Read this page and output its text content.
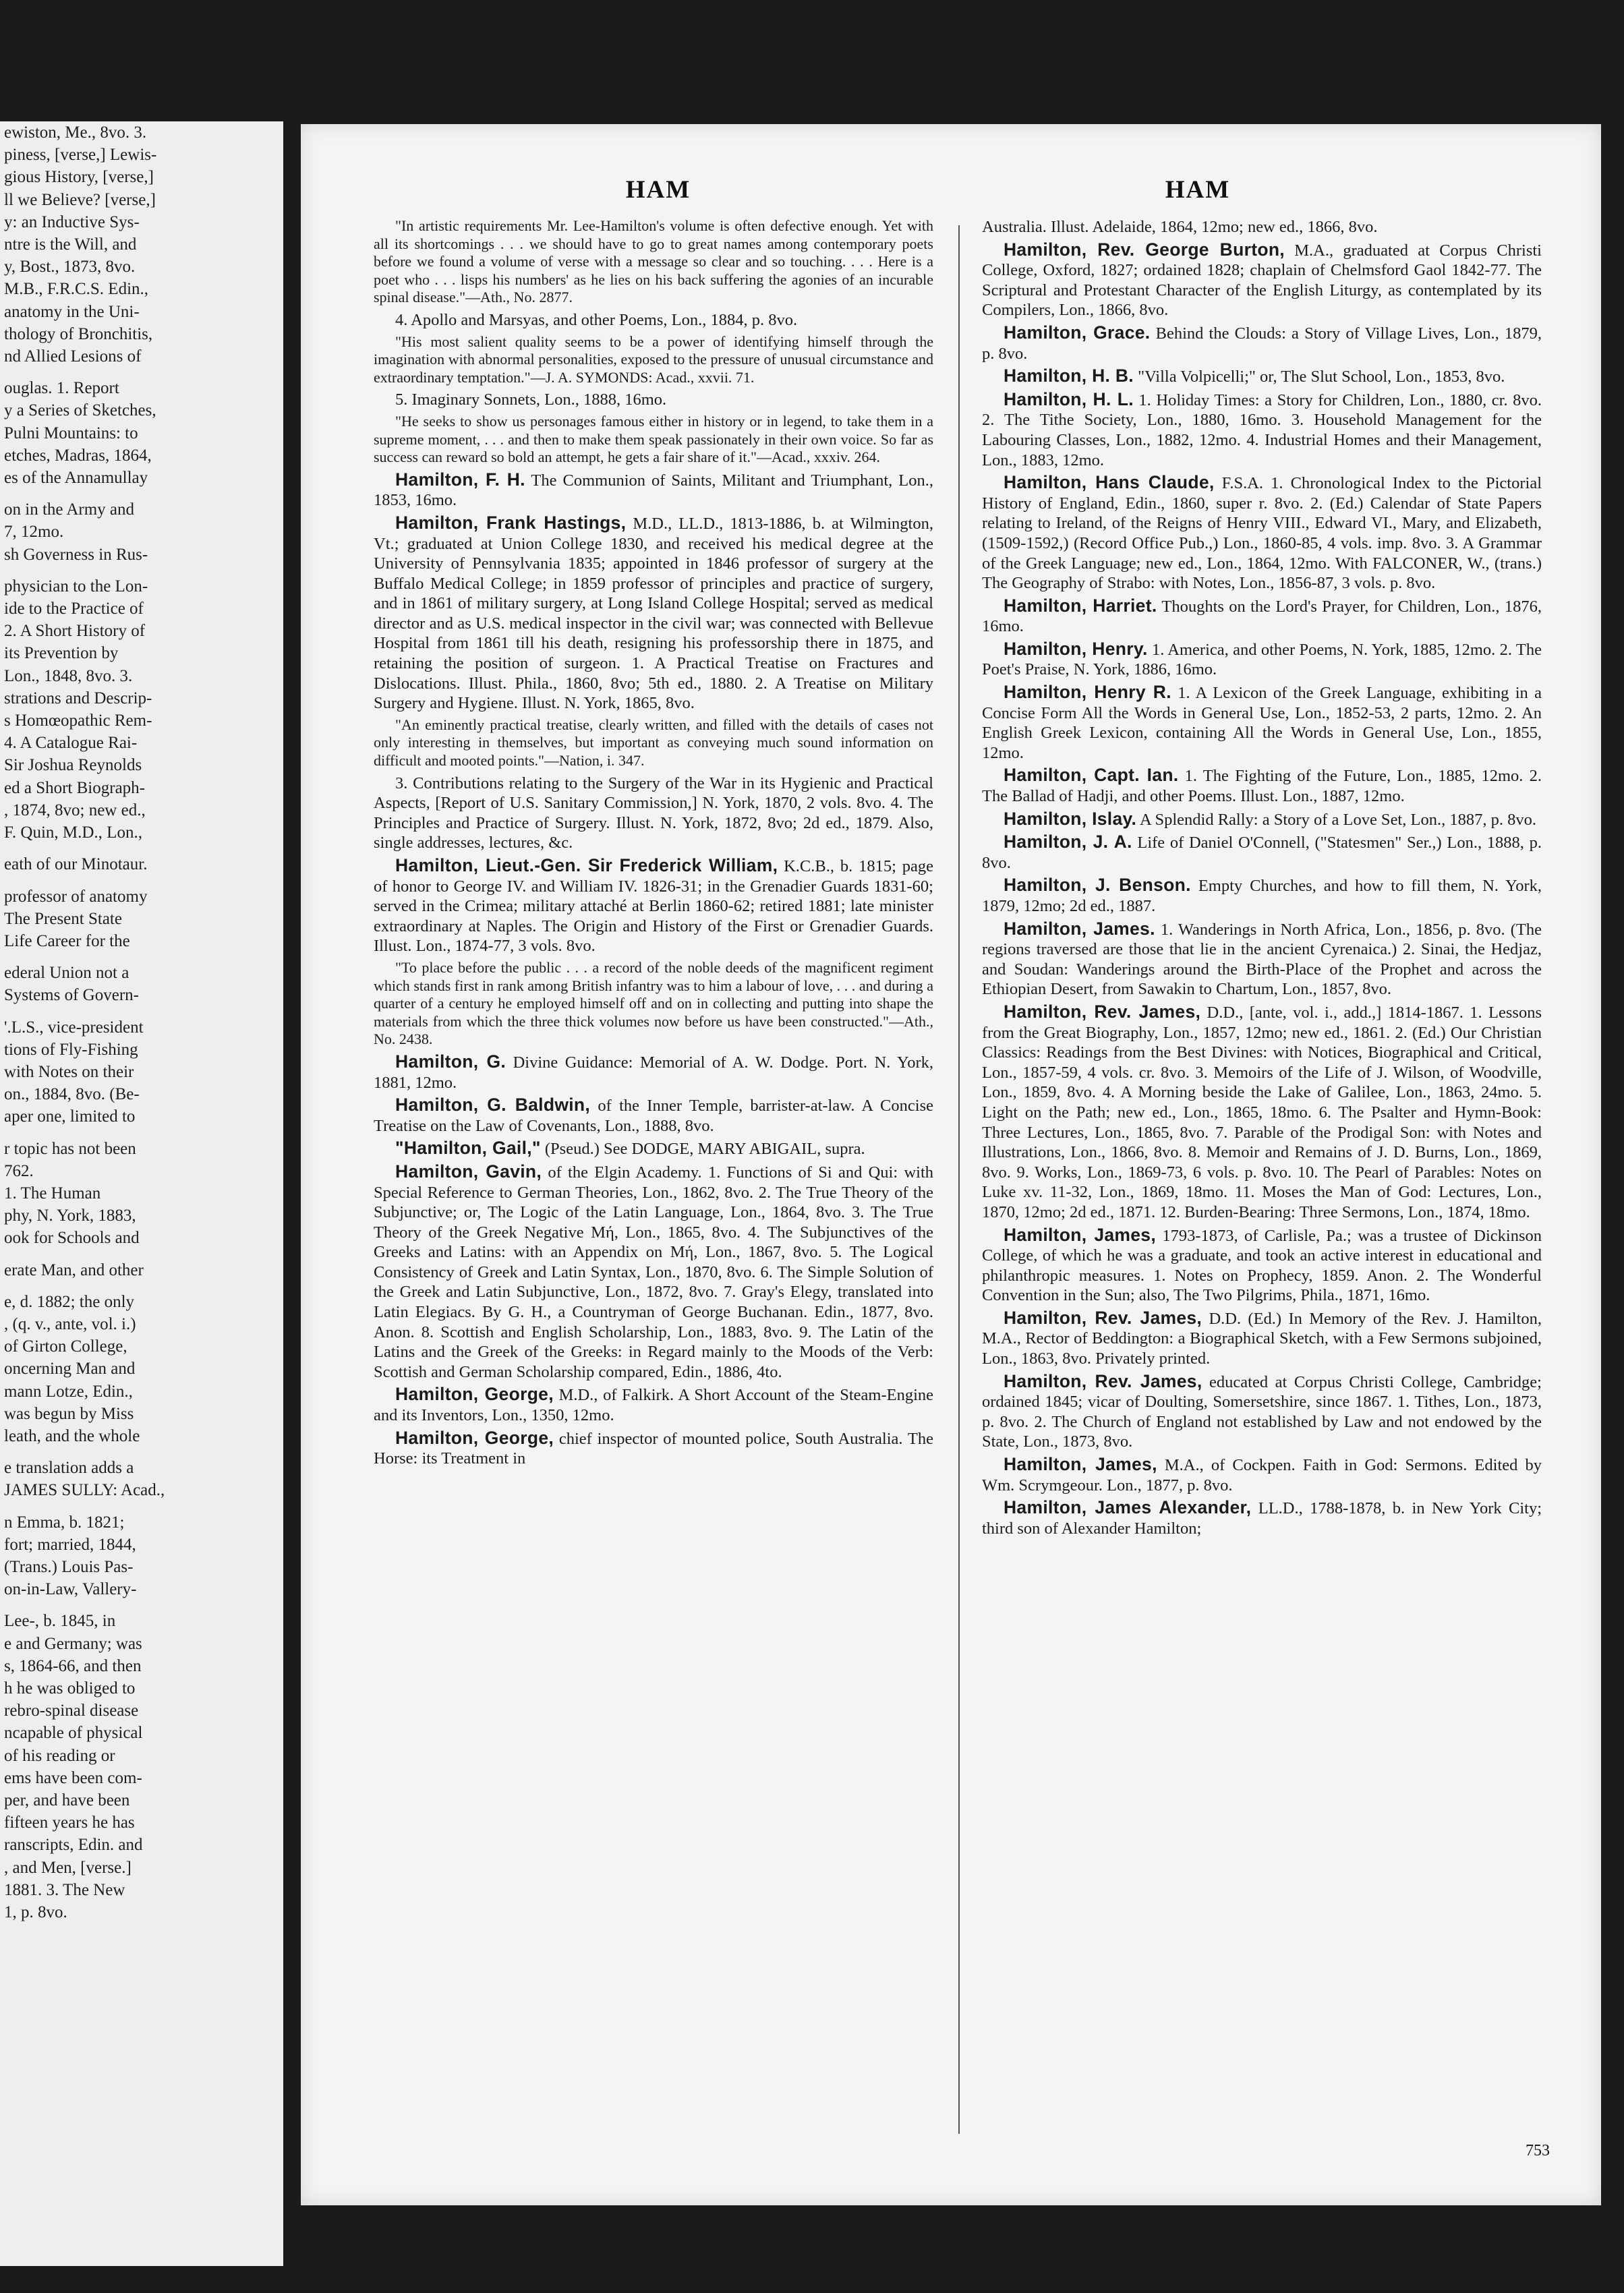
ewiston, Me., 8vo. 3.
piness, [verse,] Lewis-
gious History, [verse,]
ll we Believe? [verse,]
y: an Inductive Sys-
ntre is the Will, and
y, Bost., 1873, 8vo.
M.B., F.R.C.S. Edin.,
anatomy in the Uni-
thology of Bronchitis,
nd Allied Lesions of
ouglas. 1. Report
y a Series of Sketches,
Pulni Mountains: to
etches, Madras, 1864,
es of the Annamullay
on in the Army and
7, 12mo.
sh Governess in Rus-
physician to the Lon-
ide to the Practice of
2. A Short History of
its Prevention by
Lon., 1848, 8vo. 3.
strations and Descrip-
s Homœopathic Rem-
4. A Catalogue Rai-
Sir Joshua Reynolds
ed a Short Biograph-
, 1874, 8vo; new ed.,
F. Quin, M.D., Lon.,
eath of our Minotaur.
professor of anatomy
The Present State
Life Career for the
ederal Union not a
Systems of Govern-
'.L.S., vice-president
tions of Fly-Fishing
with Notes on their
on., 1884, 8vo. (Be-
aper one, limited to
r topic has not been
762.
1. The Human
phy, N. York, 1883,
ook for Schools and
erate Man, and other
e, d. 1882; the only
, (q. v., ante, vol. i.)
of Girton College,
oncerning Man and
mann Lotze, Edin.,
was begun by Miss
leath, and the whole
e translation adds a
JAMES SULLY: Acad.,
n Emma, b. 1821;
fort; married, 1844,
(Trans.) Louis Pas-
on-in-Law, Vallery-
Lee-, b. 1845, in
e and Germany; was
s, 1864-66, and then
h he was obliged to
rebro-spinal disease
ncapable of physical
of his reading or
ems have been com-
per, and have been
fifteen years he has
ranscripts, Edin. and
, and Men, [verse.]
1881. 3. The New
1, p. 8vo.
HAM	HAM

"In artistic requirements Mr. Lee-Hamilton's volume is often defective enough. Yet with all its shortcomings . . . we should have to go to great names among contemporary poets before we found a volume of verse with a message so clear and so touching. . . . Here is a poet who . . . lisps his numbers' as he lies on his back suffering the agonies of an incurable spinal disease."—Ath., No. 2877.

4. Apollo and Marsyas, and other Poems, Lon., 1884, p. 8vo.

"His most salient quality seems to be a power of identifying himself through the imagination with abnormal personalities, exposed to the pressure of unusual circumstance and extraordinary temptation."—J. A. SYMONDS: Acad., xxvii. 71.

5. Imaginary Sonnets, Lon., 1888, 16mo.

"He seeks to show us personages famous either in history or in legend, to take them in a supreme moment, . . . and then to make them speak passionately in their own voice. So far as success can reward so bold an attempt, he gets a fair share of it."—Acad., xxxiv. 264.

Hamilton, F. H. The Communion of Saints, Militant and Triumphant, Lon., 1853, 16mo.

Hamilton, Frank Hastings, M.D., LL.D., 1813-1886, b. at Wilmington, Vt.; graduated at Union College 1830, and received his medical degree at the University of Pennsylvania 1835; appointed in 1846 professor of surgery at the Buffalo Medical College; in 1859 professor of principles and practice of surgery, and in 1861 of military surgery, at Long Island College Hospital; served as medical director and as U.S. medical inspector in the civil war; was connected with Bellevue Hospital from 1861 till his death, resigning his professorship there in 1875, and retaining the position of surgeon. 1. A Practical Treatise on Fractures and Dislocations. Illust. Phila., 1860, 8vo; 5th ed., 1880. 2. A Treatise on Military Surgery and Hygiene. Illust. N. York, 1865, 8vo.

"An eminently practical treatise, clearly written, and filled with the details of cases not only interesting in themselves, but important as conveying much sound information on difficult and mooted points."—Nation, i. 347.

3. Contributions relating to the Surgery of the War in its Hygienic and Practical Aspects, [Report of U.S. Sanitary Commission,] N. York, 1870, 2 vols. 8vo. 4. The Principles and Practice of Surgery. Illust. N. York, 1872, 8vo; 2d ed., 1879. Also, single addresses, lectures, &c.

Hamilton, Lieut.-Gen. Sir Frederick William, K.C.B., b. 1815; page of honor to George IV. and William IV. 1826-31; in the Grenadier Guards 1831-60; served in the Crimea; military attaché at Berlin 1860-62; retired 1881; late minister extraordinary at Naples. The Origin and History of the First or Grenadier Guards. Illust. Lon., 1874-77, 3 vols. 8vo.

"To place before the public . . . a record of the noble deeds of the magnificent regiment which stands first in rank among British infantry was to him a labour of love, . . . and during a quarter of a century he employed himself off and on in collecting and putting into shape the materials from which the three thick volumes now before us have been constructed."—Ath., No. 2438.

Hamilton, G. Divine Guidance: Memorial of A. W. Dodge. Port. N. York, 1881, 12mo.

Hamilton, G. Baldwin, of the Inner Temple, barrister-at-law. A Concise Treatise on the Law of Covenants, Lon., 1888, 8vo.

"Hamilton, Gail," (Pseud.) See DODGE, MARY ABIGAIL, supra.

Hamilton, Gavin, of the Elgin Academy. 1. Functions of Si and Qui: with Special Reference to German Theories, Lon., 1862, 8vo. 2. The True Theory of the Subjunctive; or, The Logic of the Latin Language, Lon., 1864, 8vo. 3. The True Theory of the Greek Negative Mή, Lon., 1865, 8vo. 4. The Subjunctives of the Greeks and Latins: with an Appendix on Mή, Lon., 1867, 8vo. 5. The Logical Consistency of Greek and Latin Syntax, Lon., 1870, 8vo. 6. The Simple Solution of the Greek and Latin Subjunctive, Lon., 1872, 8vo. 7. Gray's Elegy, translated into Latin Elegiacs. By G. H., a Countryman of George Buchanan. Edin., 1877, 8vo. Anon. 8. Scottish and English Scholarship, Lon., 1883, 8vo. 9. The Latin of the Latins and the Greek of the Greeks: in Regard mainly to the Moods of the Verb: Scottish and German Scholarship compared, Edin., 1886, 4to.

Hamilton, George, M.D., of Falkirk. A Short Account of the Steam-Engine and its Inventors, Lon., 1350, 12mo.

Hamilton, George, chief inspector of mounted police, South Australia. The Horse: its Treatment in

Australia. Illust. Adelaide, 1864, 12mo; new ed., 1866, 8vo.

Hamilton, Rev. George Burton, M.A., graduated at Corpus Christi College, Oxford, 1827; ordained 1828; chaplain of Chelmsford Gaol 1842-77. The Scriptural and Protestant Character of the English Liturgy, as contemplated by its Compilers, Lon., 1866, 8vo.

Hamilton, Grace. Behind the Clouds: a Story of Village Lives, Lon., 1879, p. 8vo.

Hamilton, H. B. "Villa Volpicelli;" or, The Slut School, Lon., 1853, 8vo.

Hamilton, H. L. 1. Holiday Times: a Story for Children, Lon., 1880, cr. 8vo. 2. The Tithe Society, Lon., 1880, 16mo. 3. Household Management for the Labouring Classes, Lon., 1882, 12mo. 4. Industrial Homes and their Management, Lon., 1883, 12mo.

Hamilton, Hans Claude, F.S.A. 1. Chronological Index to the Pictorial History of England, Edin., 1860, super r. 8vo. 2. (Ed.) Calendar of State Papers relating to Ireland, of the Reigns of Henry VIII., Edward VI., Mary, and Elizabeth, (1509-1592,) (Record Office Pub.,) Lon., 1860-85, 4 vols. imp. 8vo. 3. A Grammar of the Greek Language; new ed., Lon., 1864, 12mo. With FALCONER, W., (trans.) The Geography of Strabo: with Notes, Lon., 1856-87, 3 vols. p. 8vo.

Hamilton, Harriet. Thoughts on the Lord's Prayer, for Children, Lon., 1876, 16mo.

Hamilton, Henry. 1. America, and other Poems, N. York, 1885, 12mo. 2. The Poet's Praise, N. York, 1886, 16mo.

Hamilton, Henry R. 1. A Lexicon of the Greek Language, exhibiting in a Concise Form All the Words in General Use, Lon., 1852-53, 2 parts, 12mo. 2. An English Greek Lexicon, containing All the Words in General Use, Lon., 1855, 12mo.

Hamilton, Capt. Ian. 1. The Fighting of the Future, Lon., 1885, 12mo. 2. The Ballad of Hadji, and other Poems. Illust. Lon., 1887, 12mo.

Hamilton, Islay. A Splendid Rally: a Story of a Love Set, Lon., 1887, p. 8vo.

Hamilton, J. A. Life of Daniel O'Connell, ("Statesmen" Ser.,) Lon., 1888, p. 8vo.

Hamilton, J. Benson. Empty Churches, and how to fill them, N. York, 1879, 12mo; 2d ed., 1887.

Hamilton, James. 1. Wanderings in North Africa, Lon., 1856, p. 8vo. (The regions traversed are those that lie in the ancient Cyrenaica.) 2. Sinai, the Hedjaz, and Soudan: Wanderings around the Birth-Place of the Prophet and across the Ethiopian Desert, from Sawakin to Chartum, Lon., 1857, 8vo.

Hamilton, Rev. James, D.D., [ante, vol. i., add.,] 1814-1867. 1. Lessons from the Great Biography, Lon., 1857, 12mo; new ed., 1861. 2. (Ed.) Our Christian Classics: Readings from the Best Divines: with Notices, Biographical and Critical, Lon., 1857-59, 4 vols. cr. 8vo. 3. Memoirs of the Life of J. Wilson, of Woodville, Lon., 1859, 8vo. 4. A Morning beside the Lake of Galilee, Lon., 1863, 24mo. 5. Light on the Path; new ed., Lon., 1865, 18mo. 6. The Psalter and Hymn-Book: Three Lectures, Lon., 1865, 8vo. 7. Parable of the Prodigal Son: with Notes and Illustrations, Lon., 1866, 8vo. 8. Memoir and Remains of J. D. Burns, Lon., 1869, 8vo. 9. Works, Lon., 1869-73, 6 vols. p. 8vo. 10. The Pearl of Parables: Notes on Luke xv. 11-32, Lon., 1869, 18mo. 11. Moses the Man of God: Lectures, Lon., 1870, 12mo; 2d ed., 1871. 12. Burden-Bearing: Three Sermons, Lon., 1874, 18mo.

Hamilton, James, 1793-1873, of Carlisle, Pa.; was a trustee of Dickinson College, of which he was a graduate, and took an active interest in educational and philanthropic measures. 1. Notes on Prophecy, 1859. Anon. 2. The Wonderful Convention in the Sun; also, The Two Pilgrims, Phila., 1871, 16mo.

Hamilton, Rev. James, D.D. (Ed.) In Memory of the Rev. J. Hamilton, M.A., Rector of Beddington: a Biographical Sketch, with a Few Sermons subjoined, Lon., 1863, 8vo. Privately printed.

Hamilton, Rev. James, educated at Corpus Christi College, Cambridge; ordained 1845; vicar of Doulting, Somersetshire, since 1867. 1. Tithes, Lon., 1873, p. 8vo. 2. The Church of England not established by Law and not endowed by the State, Lon., 1873, 8vo.

Hamilton, James, M.A., of Cockpen. Faith in God: Sermons. Edited by Wm. Scrymgeour. Lon., 1877, p. 8vo.

Hamilton, James Alexander, LL.D., 1788-1878, b. in New York City; third son of Alexander Hamilton;

753
